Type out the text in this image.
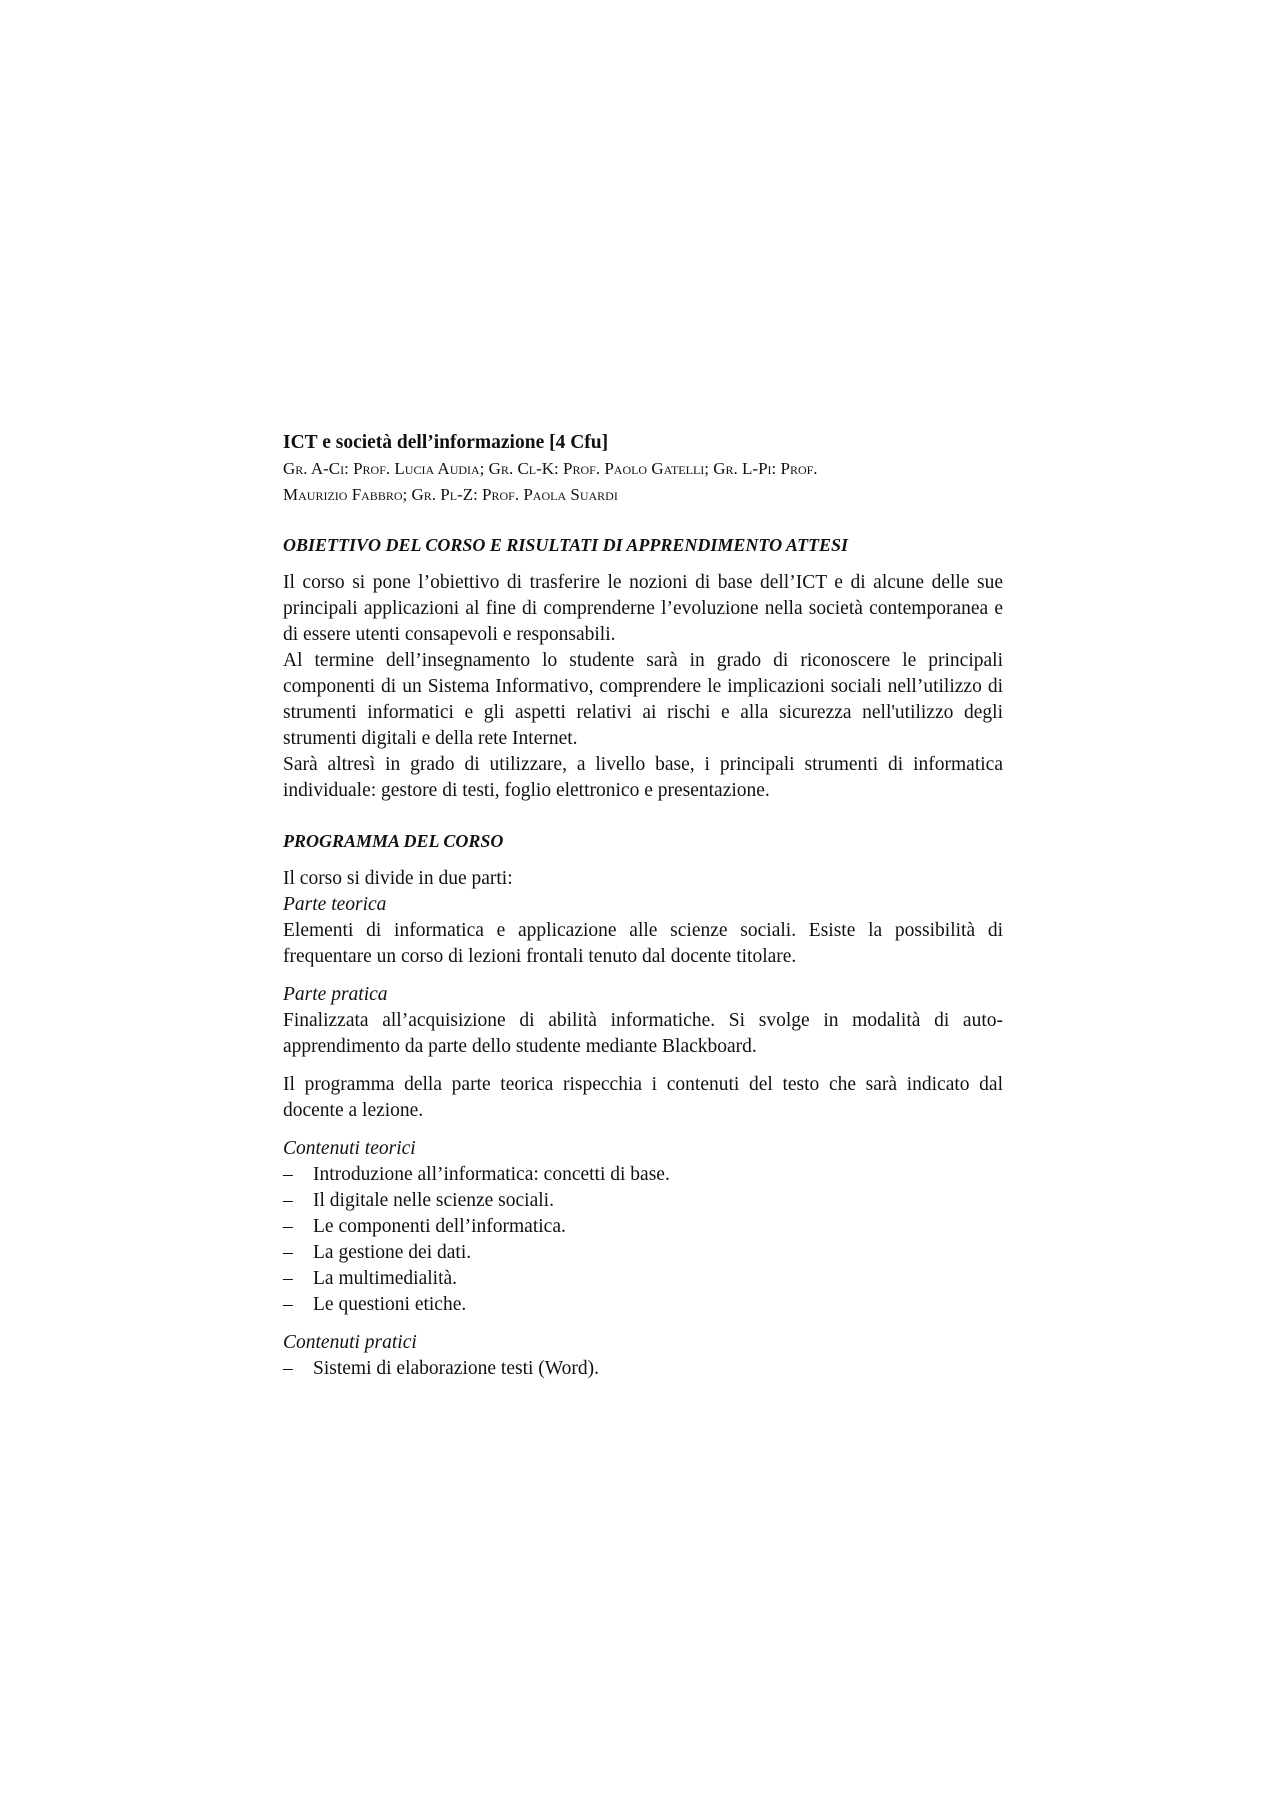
ICT e società dell’informazione [4 Cfu]

Gr. A-Ci: Prof. Lucia Audia; Gr. Cl-K: Prof. Paolo Gatelli; Gr. L-Pi: Prof.

Maurizio Fabbro; Gr. Pl-Z: Prof. Paola Suardi

OBIETTIVO DEL CORSO E RISULTATI DI APPRENDIMENTO ATTESI

Il corso si pone l’obiettivo di trasferire le nozioni di base dell’ICT e di alcune delle sue principali applicazioni al fine di comprenderne l’evoluzione nella società contemporanea e di essere utenti consapevoli e responsabili.

Al termine dell’insegnamento lo studente sarà in grado di riconoscere le principali componenti di un Sistema Informativo, comprendere le implicazioni sociali nell’utilizzo di strumenti informatici e gli aspetti relativi ai rischi e alla sicurezza nell'utilizzo degli strumenti digitali e della rete Internet.

Sarà altresì in grado di utilizzare, a livello base, i principali strumenti di informatica individuale: gestore di testi, foglio elettronico e presentazione.

PROGRAMMA DEL CORSO

Il corso si divide in due parti:

Parte teorica

Elementi di informatica e applicazione alle scienze sociali. Esiste la possibilità di frequentare un corso di lezioni frontali tenuto dal docente titolare.

Parte pratica

Finalizzata all’acquisizione di abilità informatiche. Si svolge in modalità di auto-apprendimento da parte dello studente mediante Blackboard.

Il programma della parte teorica rispecchia i contenuti del testo che sarà indicato dal docente a lezione.

Contenuti teorici

– Introduzione all’informatica: concetti di base.
– Il digitale nelle scienze sociali.
– Le componenti dell’informatica.
– La gestione dei dati.
– La multimedialità.
– Le questioni etiche.

Contenuti pratici

– Sistemi di elaborazione testi (Word).
